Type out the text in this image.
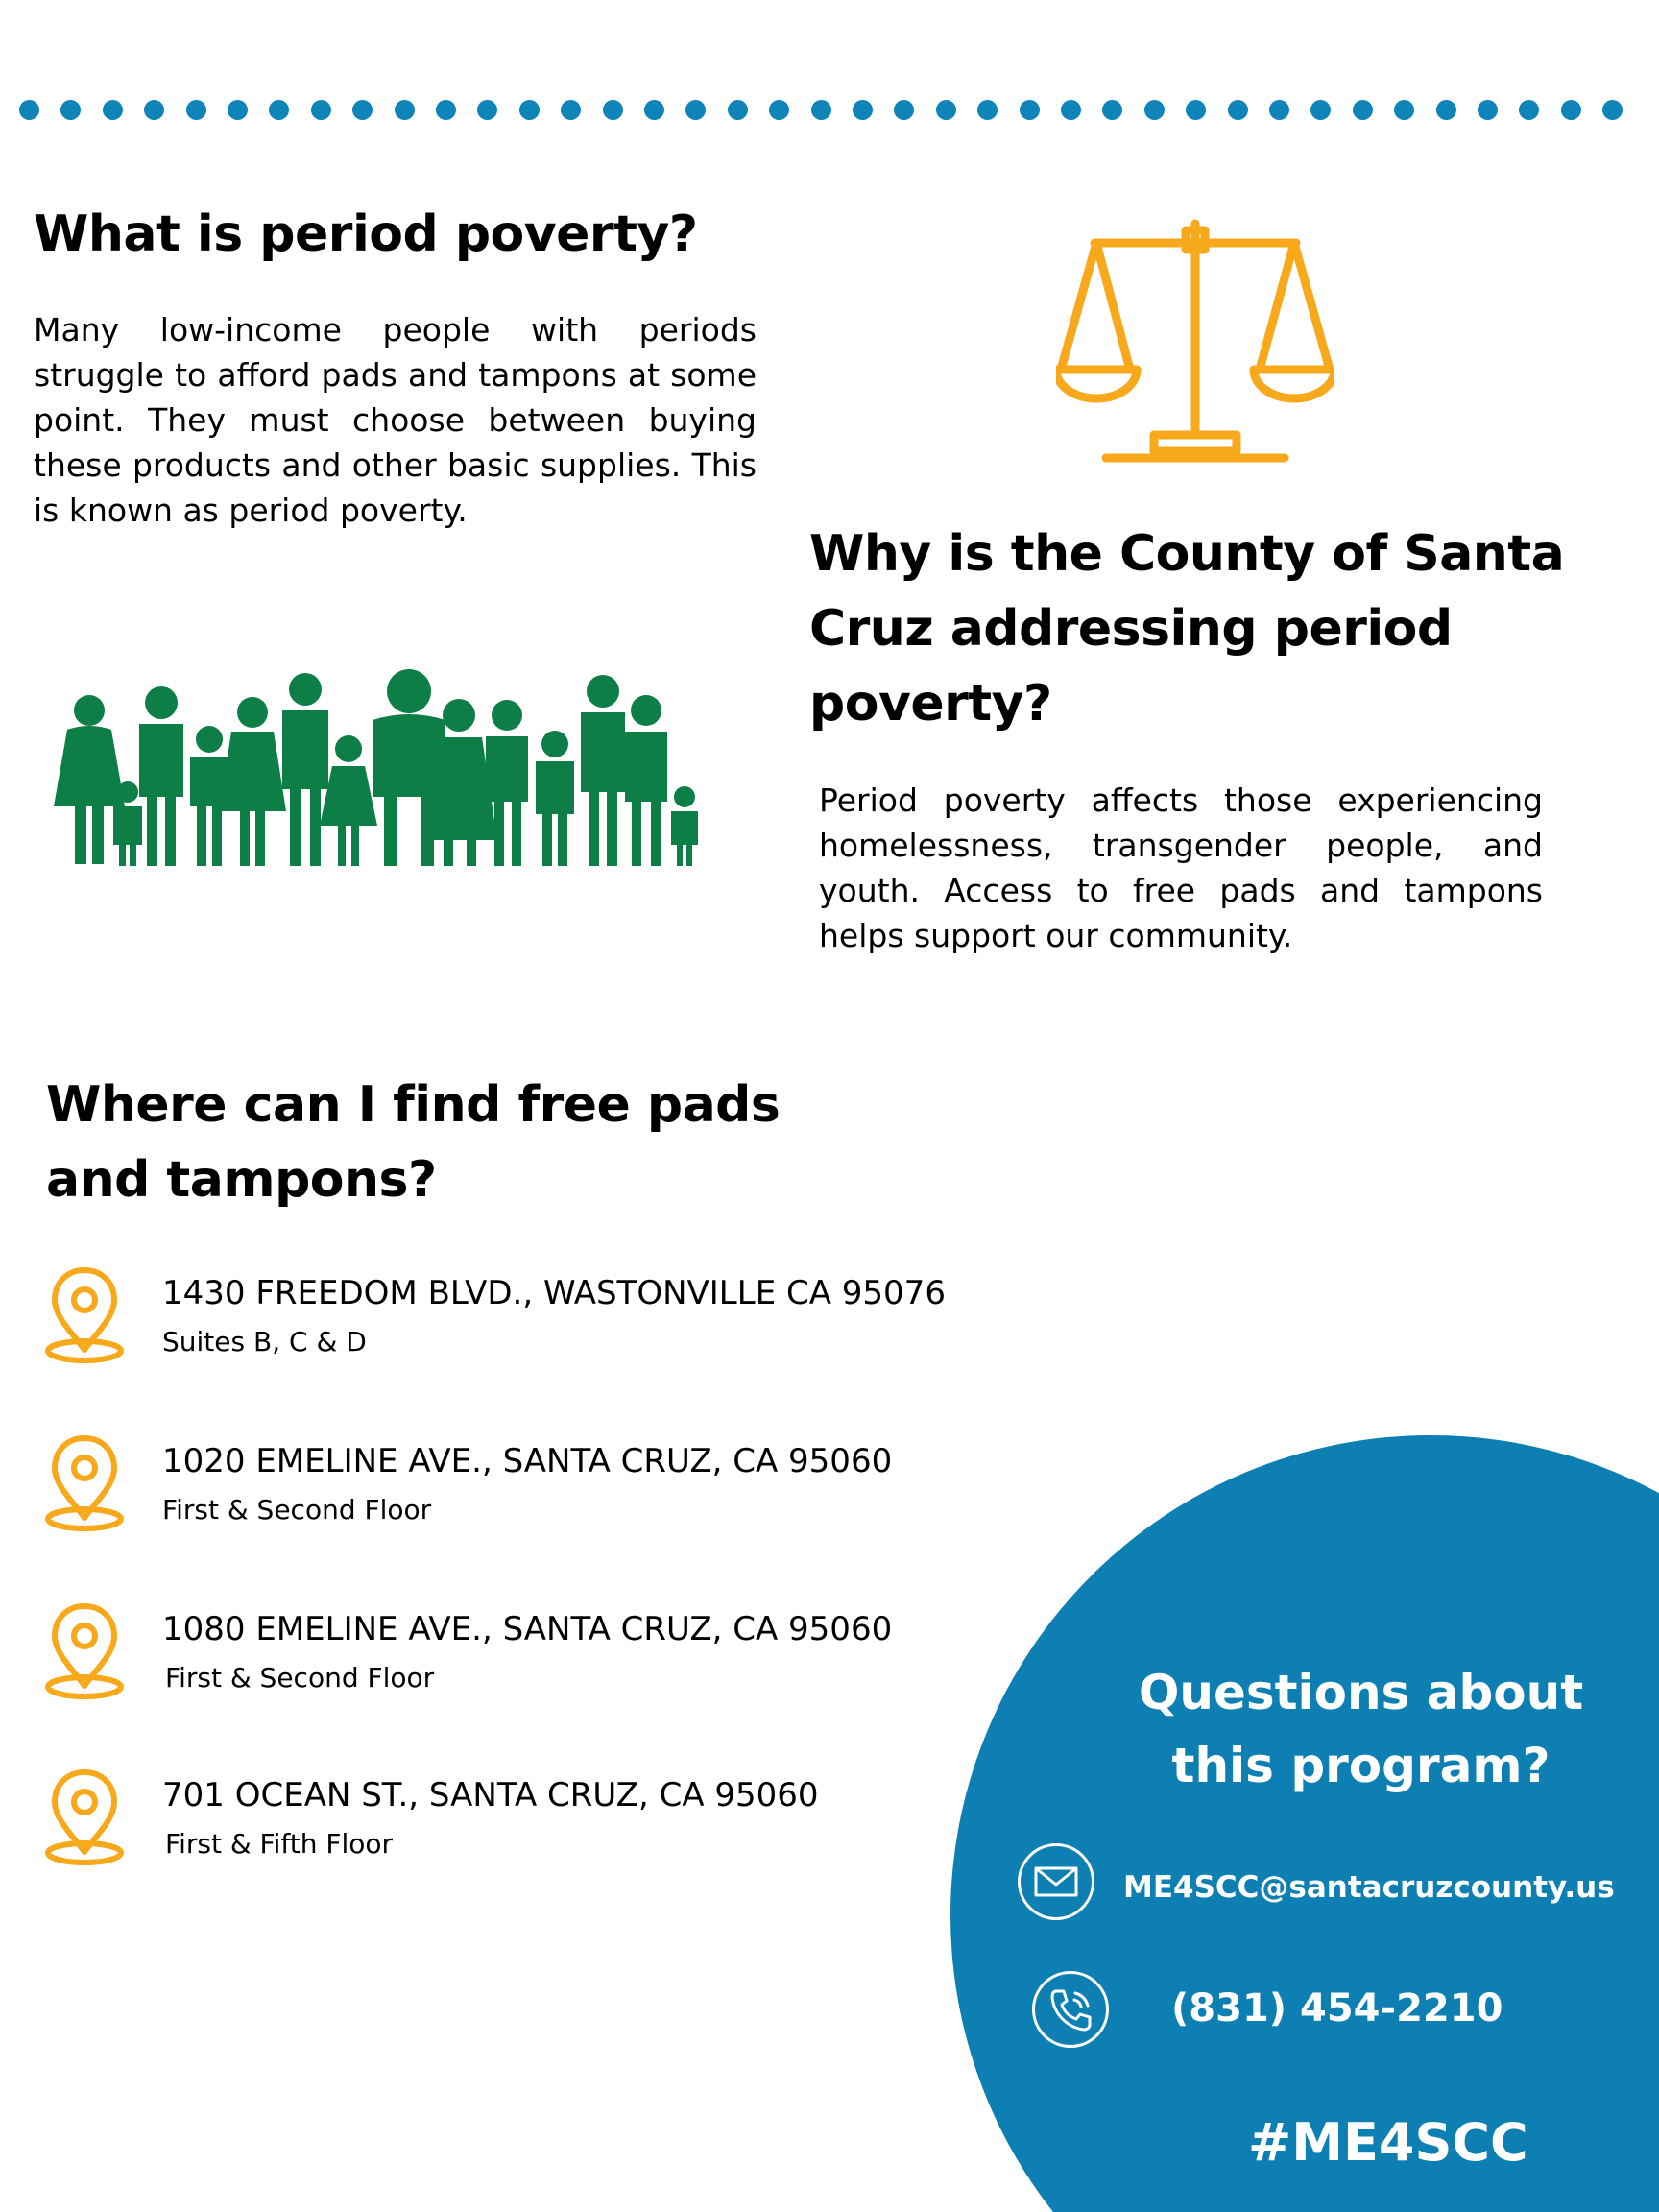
What is period poverty?

Many low-income people with periods struggle to afford pads and tampons at some point. They must choose between buying these products and other basic supplies. This is known as period poverty.

Why is the County of Santa Cruz addressing period poverty?

Period poverty affects those experiencing homelessness, transgender people, and youth. Access to free pads and tampons helps support our community.

Where can I find free pads and tampons?
1430 FREEDOM BLVD., WASTONVILLE CA 95076
Suites B, C & D
1020 EMELINE AVE., SANTA CRUZ, CA 95060
First & Second Floor
1080 EMELINE AVE., SANTA CRUZ, CA 95060
First & Second Floor
701 OCEAN ST., SANTA CRUZ, CA 95060
First & Fifth Floor
Questions about this program?
ME4SCC@santacruzcounty.us
(831) 454-2210
#ME4SCC
